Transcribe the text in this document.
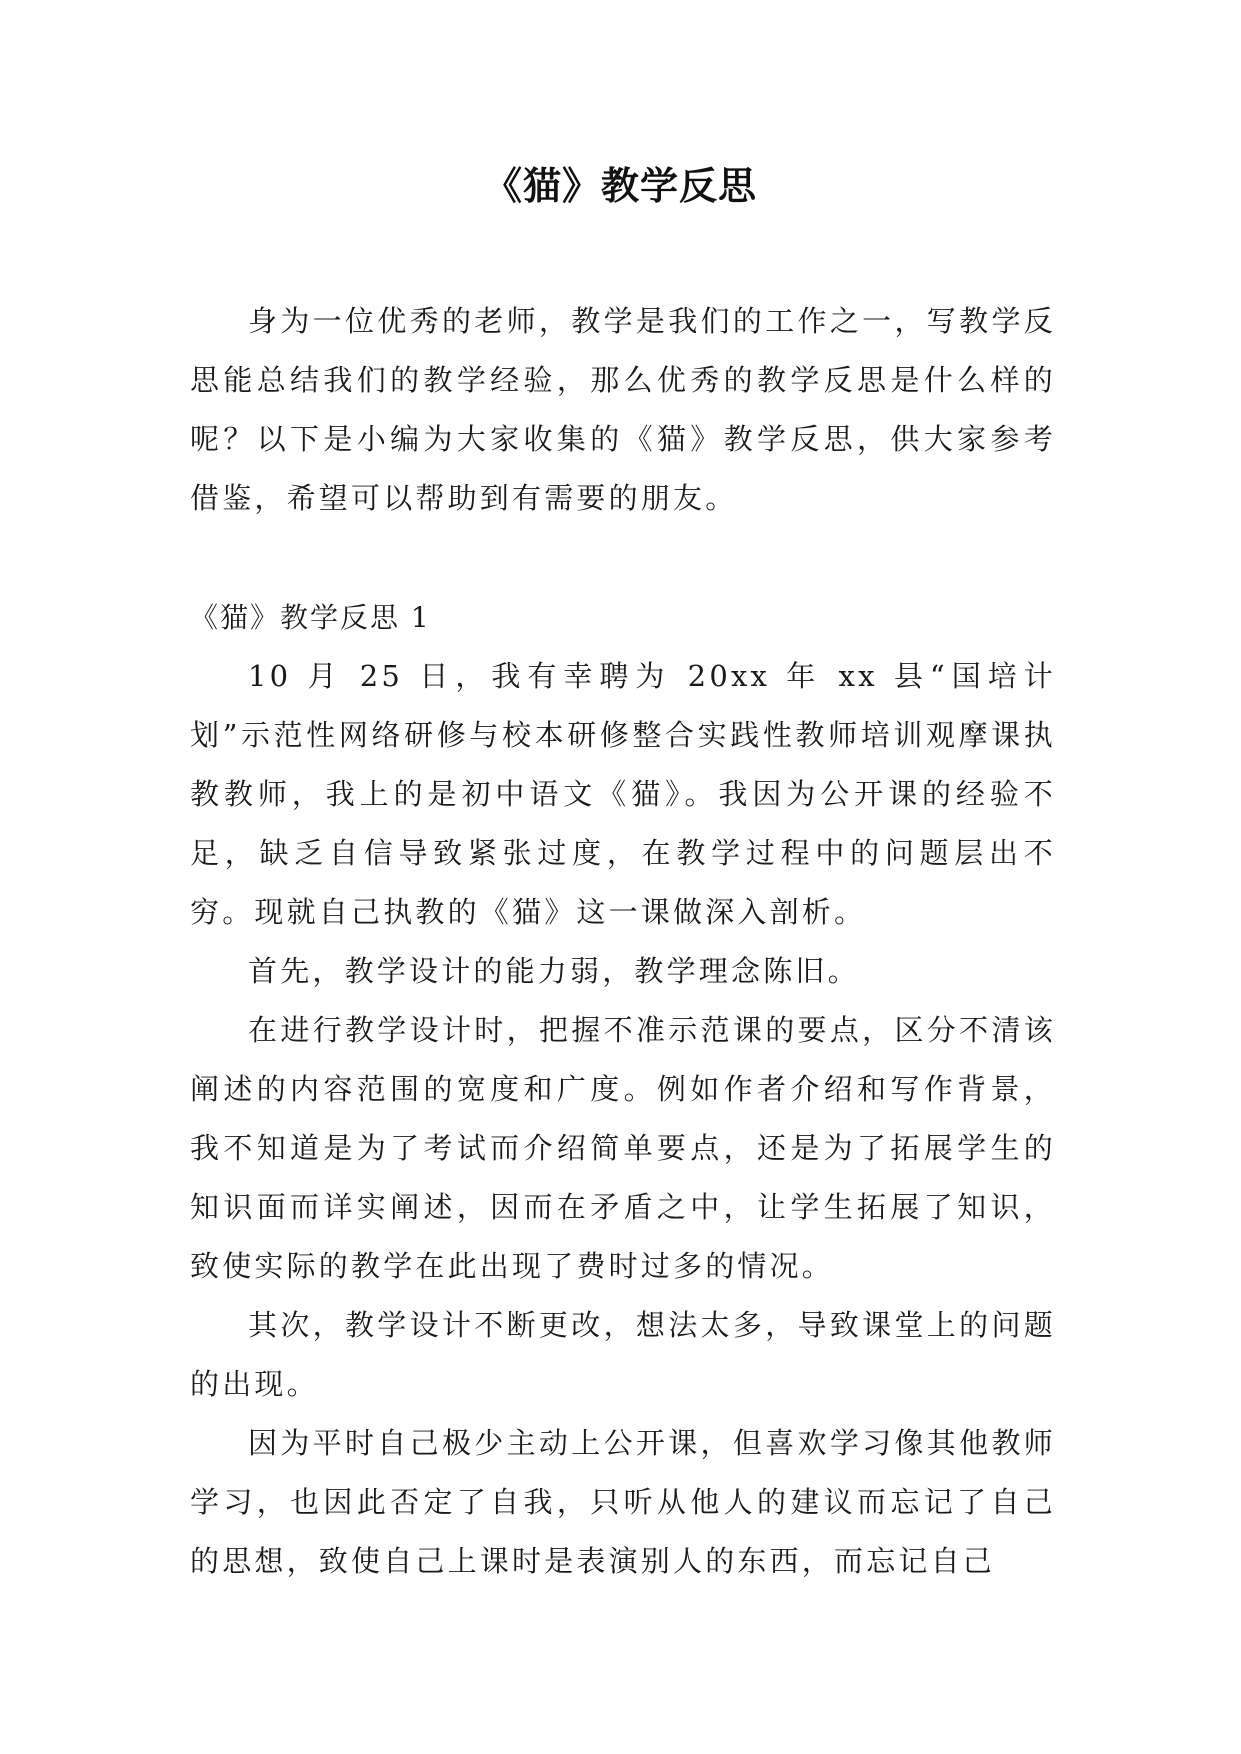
《猫》教学反思

身为一位优秀的老师，教学是我们的工作之一，写教学反思能总结我们的教学经验，那么优秀的教学反思是什么样的呢？以下是小编为大家收集的《猫》教学反思，供大家参考借鉴，希望可以帮助到有需要的朋友。

《猫》教学反思 1

10 月 25 日，我有幸聘为 20xx 年 xx 县“国培计划”示范性网络研修与校本研修整合实践性教师培训观摩课执教教师，我上的是初中语文《猫》。我因为公开课的经验不足，缺乏自信导致紧张过度，在教学过程中的问题层出不穷。现就自己执教的《猫》这一课做深入剖析。

首先，教学设计的能力弱，教学理念陈旧。

在进行教学设计时，把握不准示范课的要点，区分不清该阐述的内容范围的宽度和广度。例如作者介绍和写作背景，我不知道是为了考试而介绍简单要点，还是为了拓展学生的知识面而详实阐述，因而在矛盾之中，让学生拓展了知识，致使实际的教学在此出现了费时过多的情况。

其次，教学设计不断更改，想法太多，导致课堂上的问题的出现。

因为平时自己极少主动上公开课，但喜欢学习像其他教师学习，也因此否定了自我，只听从他人的建议而忘记了自己的思想，致使自己上课时是表演别人的东西，而忘记自己
